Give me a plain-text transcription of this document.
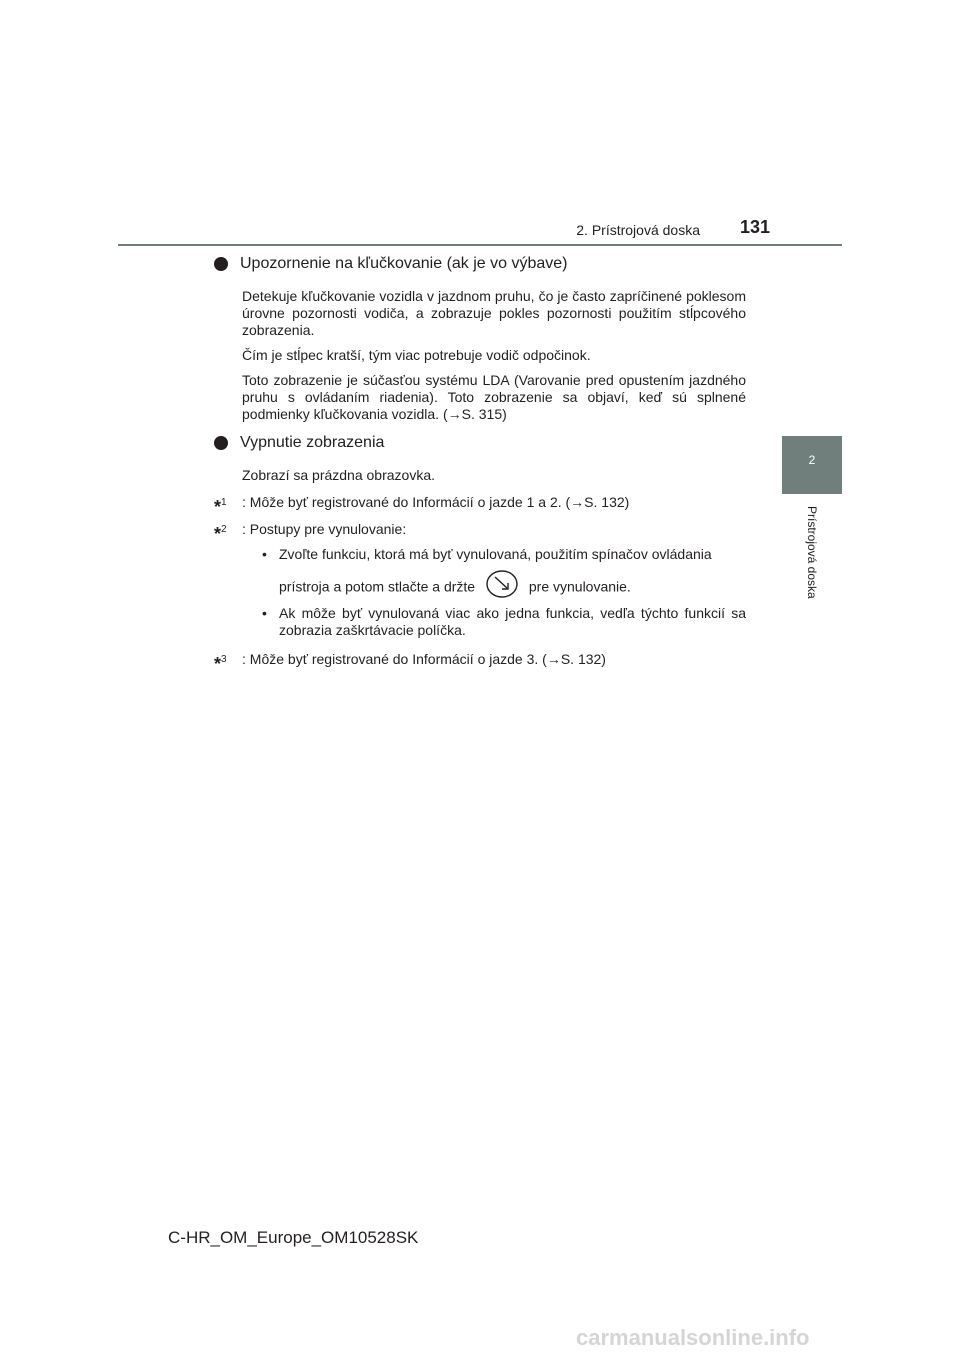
2. Prístrojová doska 131
2
Prístrojová doska
Upozornenie na kľučkovanie (ak je vo výbave)

Detekuje kľučkovanie vozidla v jazdnom pruhu, čo je často zapríčinené poklesom úrovne pozornosti vodiča, a zobrazuje pokles pozornosti použitím stĺpcového zobrazenia.

Čím je stĺpec kratší, tým viac potrebuje vodič odpočinok.

Toto zobrazenie je súčasťou systému LDA (Varovanie pred opustením jazdného pruhu s ovládaním riadenia). Toto zobrazenie sa objaví, keď sú splnené podmienky kľučkovania vozidla. (→S. 315)

Vypnutie zobrazenia

Zobrazí sa prázdna obrazovka.

*$^1$ : Môže byť registrované do Informácií o jazde 1 a 2. (→S. 132)
*$^2$ : Postupy pre vynulovanie:
• Zvoľte funkciu, ktorá má byť vynulovaná, použitím spínačov ovládania
prístroja a potom stlačte a držte	pre vynulovanie.
• Ak môže byť vynulovaná viac ako jedna funkcia, vedľa týchto funkcií sa zobrazia zaškrtávacie políčka.
*$^3$ : Môže byť registrované do Informácií o jazde 3. (→S. 132)
C-HR_OM_Europe_OM10528SK
carmanualsonline.info
